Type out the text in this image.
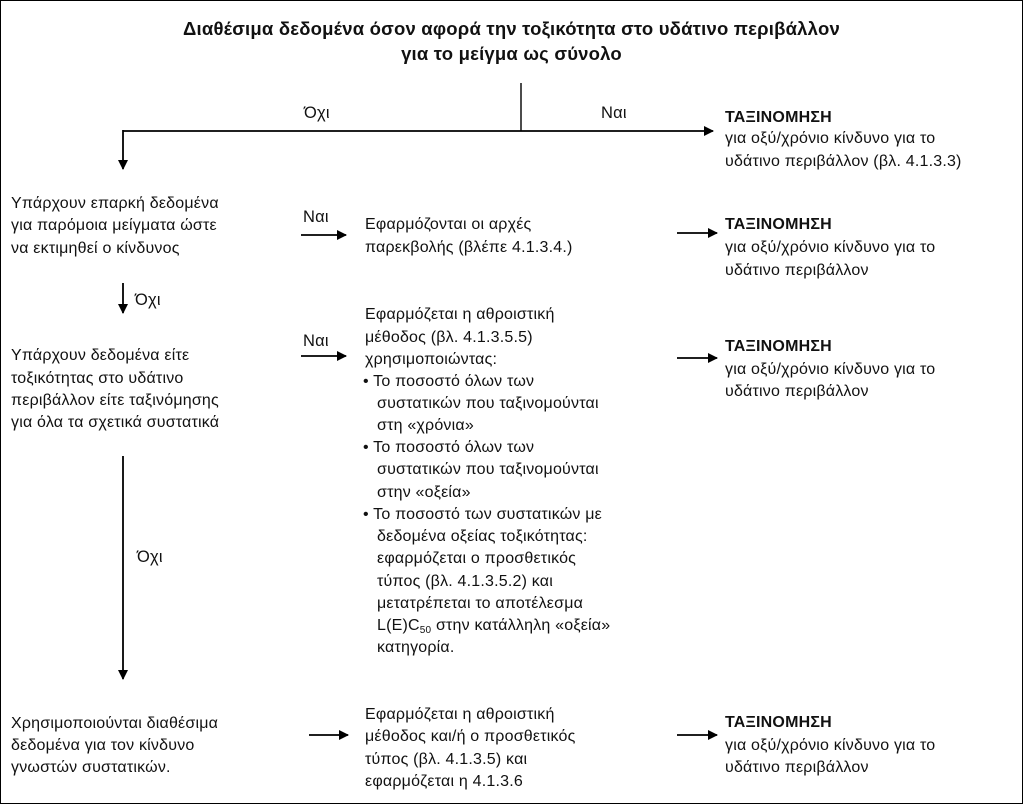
Διαθέσιμα δεδομένα όσον αφορά την τοξικότητα στο υδάτινο περιβάλλον
για το μείγμα ως σύνολο
Όχι	Ναι
Ναι
Όχι
Ναι
Όχι
ΤΑΞΙΝΟΜΗΣΗ
για οξύ/χρόνιο κίνδυνο για το
υδάτινο περιβάλλον (βλ. 4.1.3.3)
ΤΑΞΙΝΟΜΗΣΗ
για οξύ/χρόνιο κίνδυνο για το
υδάτινο περιβάλλον
ΤΑΞΙΝΟΜΗΣΗ
για οξύ/χρόνιο κίνδυνο για το
υδάτινο περιβάλλον
ΤΑΞΙΝΟΜΗΣΗ
για οξύ/χρόνιο κίνδυνο για το
υδάτινο περιβάλλον
Υπάρχουν επαρκή δεδομένα
για παρόμοια μείγματα ώστε
να εκτιμηθεί ο κίνδυνος
Υπάρχουν δεδομένα είτε
τοξικότητας στο υδάτινο
περιβάλλον είτε ταξινόμησης
για όλα τα σχετικά συστατικά
Χρησιμοποιούνται διαθέσιμα
δεδομένα για τον κίνδυνο
γνωστών συστατικών.
Εφαρμόζονται οι αρχές
παρεκβολής (βλέπε 4.1.3.4.)
Εφαρμόζεται η αθροιστική
μέθοδος (βλ. 4.1.3.5.5)
χρησιμοποιώντας:
• Το ποσοστό όλων των
συστατικών που ταξινομούνται
στη «χρόνια»
• Το ποσοστό όλων των
συστατικών που ταξινομούνται
στην «οξεία»
• Το ποσοστό των συστατικών με
δεδομένα οξείας τοξικότητας:
εφαρμόζεται ο προσθετικός
τύπος (βλ. 4.1.3.5.2) και
μετατρέπεται το αποτέλεσμα
$L(E)C_{50}$ στην κατάλληλη «οξεία»
κατηγορία.
Εφαρμόζεται η αθροιστική
μέθοδος και/ή ο προσθετικός
τύπος (βλ. 4.1.3.5) και
εφαρμόζεται η 4.1.3.6
